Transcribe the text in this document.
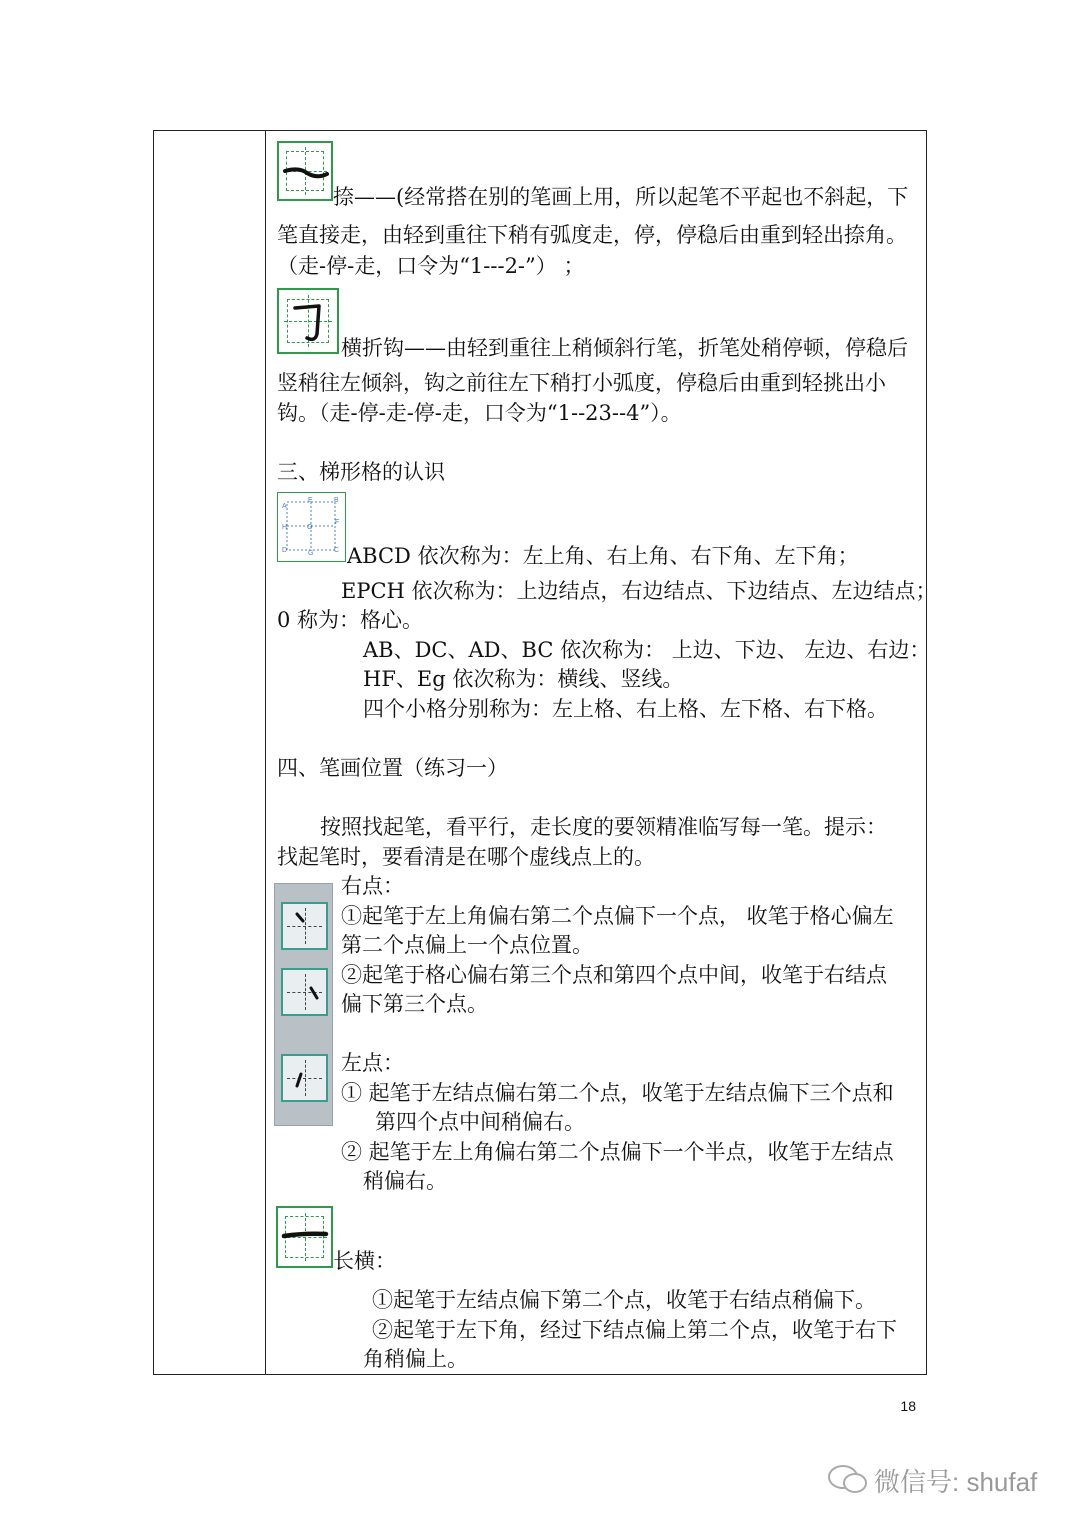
捺——(经常搭在别的笔画上用，所以起笔不平起也不斜起，下
笔直接走，由轻到重往下稍有弧度走，停，停稳后由重到轻出捺角。
（走-停-走，口令为“1---2-”） ；
横折钩——由轻到重往上稍倾斜行笔，折笔处稍停顿，停稳后
竖稍往左倾斜，钩之前往左下稍打小弧度，停稳后由重到轻挑出小
钩。（走-停-走-停-走，口令为“1--23--4”）。
三、梯形格的认识
A
E	B
H	O
F
D	G	C ABCD 依次称为：左上角、右上角、右下角、左下角；
EPCH 依次称为：上边结点，右边结点、下边结点、左边结点；
0 称为：格心。
AB、DC、AD、BC 依次称为： 上边、下边、 左边、右边：
HF、Eg 依次称为：横线、竖线。
四个小格分别称为：左上格、右上格、左下格、右下格。
四、笔画位置（练习一）
按照找起笔，看平行，走长度的要领精准临写每一笔。提示：
找起笔时，要看清是在哪个虚线点上的。
右点：
①起笔于左上角偏右第二个点偏下一个点， 收笔于格心偏左
第二个点偏上一个点位置。
②起笔于格心偏右第三个点和第四个点中间，收笔于右结点
偏下第三个点。
左点：
① 起笔于左结点偏右第二个点，收笔于左结点偏下三个点和
第四个点中间稍偏右。
② 起笔于左上角偏右第二个点偏下一个半点，收笔于左结点
稍偏右。
长横：
①起笔于左结点偏下第二个点，收笔于右结点稍偏下。
②起笔于左下角，经过下结点偏上第二个点，收笔于右下
角稍偏上。
18
微信号: shufaf
